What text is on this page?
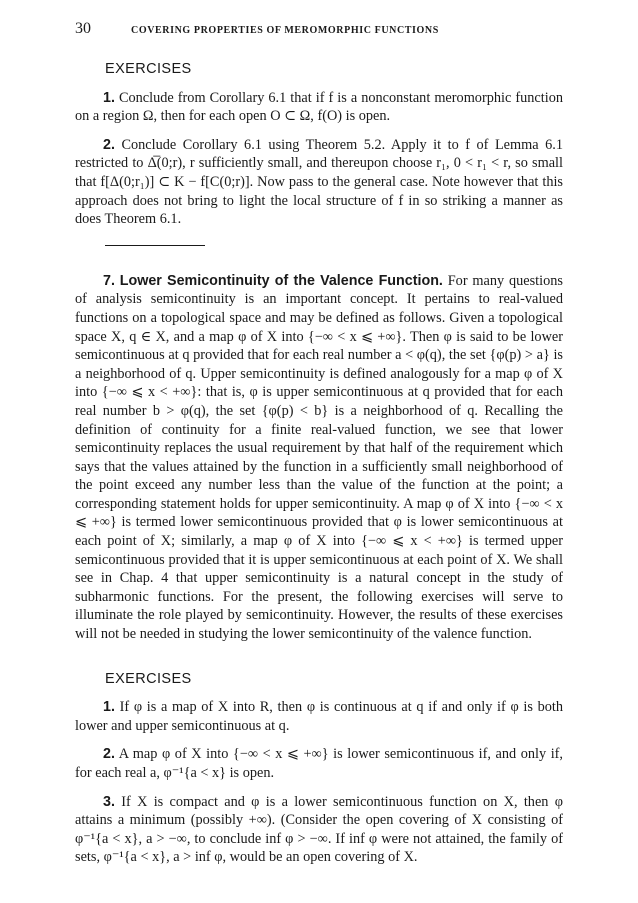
30	COVERING PROPERTIES OF MEROMORPHIC FUNCTIONS
EXERCISES

1. Conclude from Corollary 6.1 that if f is a nonconstant meromorphic function on a region Ω, then for each open O ⊂ Ω, f(O) is open.

2. Conclude Corollary 6.1 using Theorem 5.2. Apply it to f of Lemma 6.1 restricted to Δ̅(0;r), r sufficiently small, and thereupon choose r₁, 0 < r₁ < r, so small that f[Δ(0;r₁)] ⊂ K − f[C(0;r)]. Now pass to the general case. Note however that this approach does not bring to light the local structure of f in so striking a manner as does Theorem 6.1.

7. Lower Semicontinuity of the Valence Function. For many questions of analysis semicontinuity is an important concept. It pertains to real-valued functions on a topological space and may be defined as follows. Given a topological space X, q ∈ X, and a map φ of X into {−∞ < x ⩽ +∞}. Then φ is said to be lower semicontinuous at q provided that for each real number a < φ(q), the set {φ(p) > a} is a neighborhood of q. Upper semicontinuity is defined analogously for a map φ of X into {−∞ ⩽ x < +∞}: that is, φ is upper semicontinuous at q provided that for each real number b > φ(q), the set {φ(p) < b} is a neighborhood of q. Recalling the definition of continuity for a finite real-valued function, we see that lower semicontinuity replaces the usual requirement by that half of the requirement which says that the values attained by the function in a sufficiently small neighborhood of the point exceed any number less than the value of the function at the point; a corresponding statement holds for upper semicontinuity. A map φ of X into {−∞ < x ⩽ +∞} is termed lower semicontinuous provided that φ is lower semicontinuous at each point of X; similarly, a map φ of X into {−∞ ⩽ x < +∞} is termed upper semicontinuous provided that it is upper semicontinuous at each point of X. We shall see in Chap. 4 that upper semicontinuity is a natural concept in the study of subharmonic functions. For the present, the following exercises will serve to illuminate the role played by semicontinuity. However, the results of these exercises will not be needed in studying the lower semicontinuity of the valence function.

EXERCISES

1. If φ is a map of X into R, then φ is continuous at q if and only if φ is both lower and upper semicontinuous at q.

2. A map φ of X into {−∞ < x ⩽ +∞} is lower semicontinuous if, and only if, for each real a, φ⁻¹{a < x} is open.

3. If X is compact and φ is a lower semicontinuous function on X, then φ attains a minimum (possibly +∞). (Consider the open covering of X consisting of φ⁻¹{a < x}, a > −∞, to conclude inf φ > −∞. If inf φ were not attained, the family of sets, φ⁻¹{a < x}, a > inf φ, would be an open covering of X.
